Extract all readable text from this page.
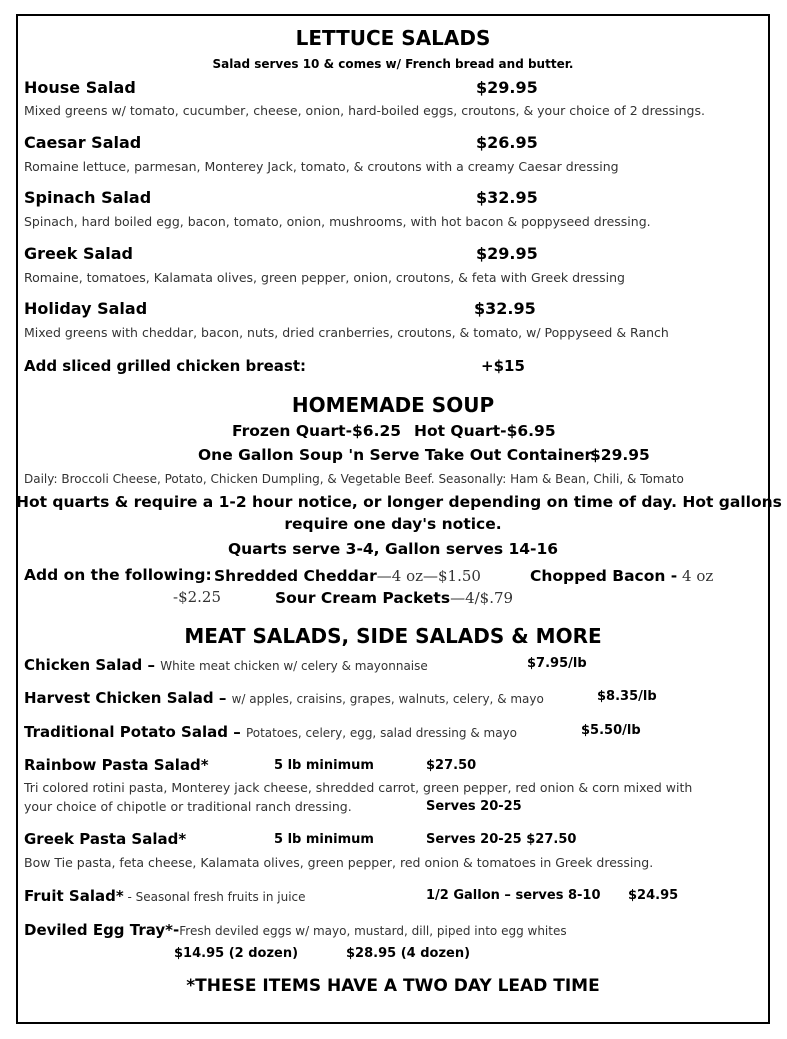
LETTUCE SALADS
Salad serves 10 & comes w/ French bread and butter.
House Salad	$29.95
Mixed greens w/ tomato, cucumber, cheese, onion, hard-boiled eggs, croutons, & your choice of 2 dressings.
Caesar Salad	$26.95
Romaine lettuce, parmesan, Monterey Jack, tomato, & croutons with a creamy Caesar dressing
Spinach Salad	$32.95
Spinach, hard boiled egg, bacon, tomato, onion, mushrooms, with hot bacon & poppyseed dressing.
Greek Salad	$29.95
Romaine, tomatoes, Kalamata olives, green pepper, onion, croutons, & feta with Greek dressing
Holiday Salad	$32.95
Mixed greens with cheddar, bacon, nuts, dried cranberries, croutons, & tomato, w/ Poppyseed & Ranch
Add sliced grilled chicken breast:	+$15
HOMEMADE SOUP
Frozen Quart-$6.25 Hot Quart-$6.95
One Gallon Soup 'n Serve Take Out Container
$29.95
Daily: Broccoli Cheese, Potato, Chicken Dumpling, & Vegetable Beef. Seasonally: Ham & Bean, Chili, & Tomato
Hot quarts & require a 1-2 hour notice, or longer depending on time of day. Hot gallons
require one day's notice.
Quarts serve 3-4, Gallon serves 14-16
Add on the following: Shredded Cheddar—4 oz—$1.50	Chopped Bacon - 4 oz
-$2.25	Sour Cream Packets—4/$.79
MEAT SALADS, SIDE SALADS & MORE
Chicken Salad – White meat chicken w/ celery & mayonnaise	$7.95/lb
Harvest Chicken Salad – w/ apples, craisins, grapes, walnuts, celery, & mayo	$8.35/lb
Traditional Potato Salad – Potatoes, celery, egg, salad dressing & mayo	$5.50/lb
Rainbow Pasta Salad*	5 lb minimum	$27.50
Tri colored rotini pasta, Monterey jack cheese, shredded carrot, green pepper, red onion & corn mixed with
your choice of chipotle or traditional ranch dressing.	Serves 20-25
Greek Pasta Salad*	5 lb minimum	Serves 20-25 $27.50
Bow Tie pasta, feta cheese, Kalamata olives, green pepper, red onion & tomatoes in Greek dressing.
Fruit Salad* - Seasonal fresh fruits in juice	1/2 Gallon – serves 8-10 $24.95
Deviled Egg Tray*-Fresh deviled eggs w/ mayo, mustard, dill, piped into egg whites
$14.95 (2 dozen)	$28.95 (4 dozen)
*THESE ITEMS HAVE A TWO DAY LEAD TIME
